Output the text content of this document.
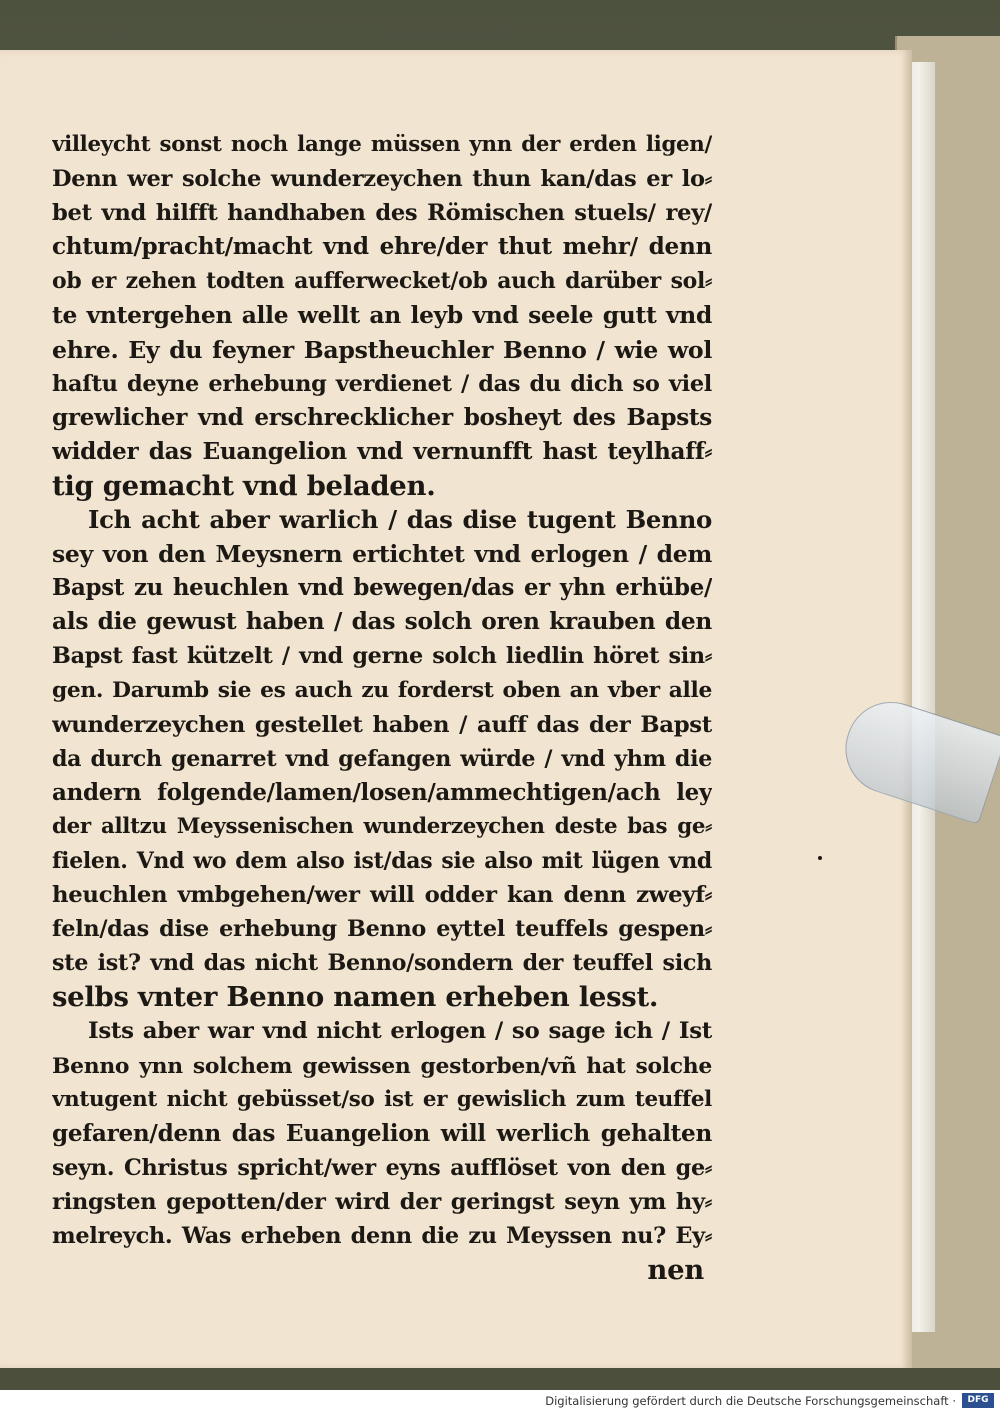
villeycht sonst noch lange müssen ynn der erden ligen/
Denn wer solche wunderzeychen thun kan/das er lo⸗
bet vnd hilfft handhaben des Römischen stuels/ rey/
chtum/pracht/macht vnd ehre/der thut mehr/ denn
ob er zehen todten aufferwecket/ob auch darüber sol⸗
te vntergehen alle wellt an leyb vnd seele gutt vnd
ehre. Ey du feyner Bapstheuchler Benno / wie wol
haſtu deyne erhebung verdienet / das du dich so viel
grewlicher vnd erschrecklicher bosheyt des Bapsts
widder das Euangelion vnd vernunfft hast teylhaff⸗
tig gemacht vnd beladen.
Ich acht aber warlich / das dise tugent Benno
sey von den Meysnern ertichtet vnd erlogen / dem
Bapst zu heuchlen vnd bewegen/das er yhn erhübe/
als die gewust haben / das solch oren krauben den
Bapst fast kützelt / vnd gerne solch liedlin höret sin⸗
gen. Darumb sie es auch zu forderst oben an vber alle
wunderzeychen gestellet haben / auff das der Bapst
da durch genarret vnd gefangen würde / vnd yhm die
andern folgende/lamen/losen/ammechtigen/ach ley
der alltzu Meyssenischen wunderzeychen deste bas ge⸗
fielen. Vnd wo dem also ist/das sie also mit lügen vnd
heuchlen vmbgehen/wer will odder kan denn zweyf⸗
feln/das dise erhebung Benno eyttel teuffels gespen⸗
ste ist? vnd das nicht Benno/sondern der teuffel sich
selbs vnter Benno namen erheben lesst.
Ists aber war vnd nicht erlogen / so sage ich / Ist
Benno ynn solchem gewissen gestorben/vñ hat solche
vntugent nicht gebüsset/so ist er gewislich zum teuffel
gefaren/denn das Euangelion will werlich gehalten
seyn. Christus spricht/wer eyns aufflöset von den ge⸗
ringsten gepotten/der wird der geringst seyn ym hy⸗
melreych. Was erheben denn die zu Meyssen nu? Ey⸗
nen
Digitalisierung gefördert durch die Deutsche Forschungsgemeinschaft ·	DFG
